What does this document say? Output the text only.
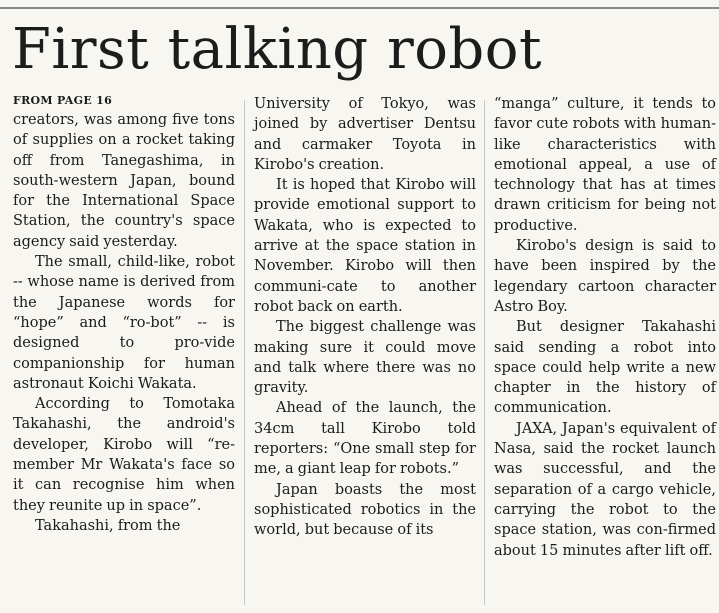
First talking robot
FROM PAGE 16

creators, was among five tons of supplies on a rocket taking off from Tanegashima, in south-western Japan, bound for the International Space Station, the country's space agency said yesterday.

The small, child-like, robot -- whose name is derived from the Japanese words for “hope” and “ro-bot” -- is designed to pro-vide companionship for human astronaut Koichi Wakata.

According to Tomotaka Takahashi, the android's developer, Kirobo will “re-member Mr Wakata's face so it can recognise him when they reunite up in space”.

Takahashi, from the

University of Tokyo, was joined by advertiser Dentsu and carmaker Toyota in Kirobo's creation.

It is hoped that Kirobo will provide emotional support to Wakata, who is expected to arrive at the space station in November. Kirobo will then communi-cate to another robot back on earth.

The biggest challenge was making sure it could move and talk where there was no gravity.

Ahead of the launch, the 34cm tall Kirobo told reporters: “One small step for me, a giant leap for robots.”

Japan boasts the most sophisticated robotics in the world, but because of its

“manga” culture, it tends to favor cute robots with human-like characteristics with emotional appeal, a use of technology that has at times drawn criticism for being not productive.

Kirobo's design is said to have been inspired by the legendary cartoon character Astro Boy.

But designer Takahashi said sending a robot into space could help write a new chapter in the history of communication.

JAXA, Japan's equivalent of Nasa, said the rocket launch was successful, and the separation of a cargo vehicle, carrying the robot to the space station, was con-firmed about 15 minutes after lift off.
